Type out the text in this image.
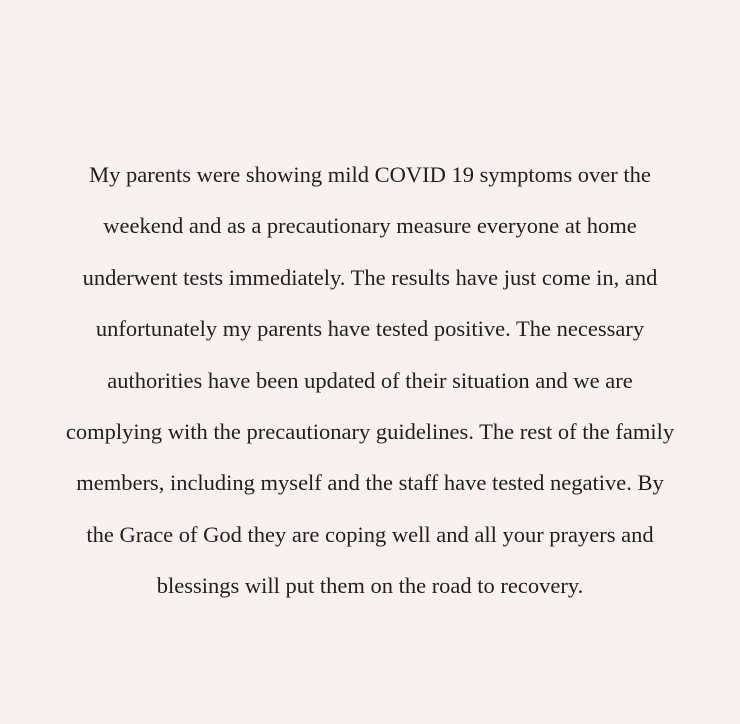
My parents were showing mild COVID 19 symptoms over the
weekend and as a precautionary measure everyone at home
underwent tests immediately. The results have just come in, and
unfortunately my parents have tested positive. The necessary
authorities have been updated of their situation and we are
complying with the precautionary guidelines. The rest of the family
members, including myself and the staff have tested negative. By
the Grace of God they are coping well and all your prayers and
blessings will put them on the road to recovery.
